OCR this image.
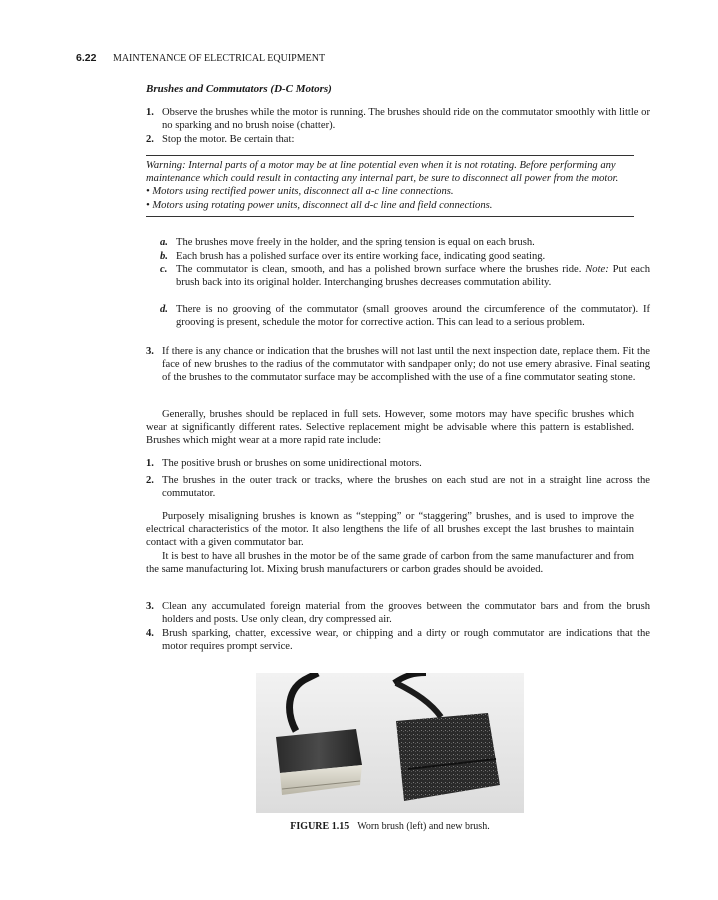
6.22 MAINTENANCE OF ELECTRICAL EQUIPMENT
Brushes and Commutators (D-C Motors)
1. Observe the brushes while the motor is running. The brushes should ride on the commutator smoothly with little or no sparking and no brush noise (chatter).
2. Stop the motor. Be certain that:

Warning: Internal parts of a motor may be at line potential even when it is not rotating. Before performing any maintenance which could result in contacting any internal part, be sure to disconnect all power from the motor.

• Motors using rectified power units, disconnect all a-c line connections.

• Motors using rotating power units, disconnect all d-c line and field connections.

a. The brushes move freely in the holder, and the spring tension is equal on each brush.
b. Each brush has a polished surface over its entire working face, indicating good seating.
c. The commutator is clean, smooth, and has a polished brown surface where the brushes ride. Note: Put each brush back into its original holder. Interchanging brushes decreases commutation ability.
d. There is no grooving of the commutator (small grooves around the circumference of the commutator). If grooving is present, schedule the motor for corrective action. This can lead to a serious problem.
3. If there is any chance or indication that the brushes will not last until the next inspection date, replace them. Fit the face of new brushes to the radius of the commutator with sandpaper only; do not use emery abrasive. Final seating of the brushes to the commutator surface may be accomplished with the use of a fine commutator seating stone.
Generally, brushes should be replaced in full sets. However, some motors may have specific brushes which wear at significantly different rates. Selective replacement might be advisable where this pattern is established. Brushes which might wear at a more rapid rate include:
1. The positive brush or brushes on some unidirectional motors.
2. The brushes in the outer track or tracks, where the brushes on each stud are not in a straight line across the commutator.
Purposely misaligning brushes is known as “stepping” or “staggering” brushes, and is used to improve the electrical characteristics of the motor. It also lengthens the life of all brushes except the last brushes to maintain contact with a given commutator bar.
It is best to have all brushes in the motor be of the same grade of carbon from the same manufacturer and from the same manufacturing lot. Mixing brush manufacturers or carbon grades should be avoided.
3. Clean any accumulated foreign material from the grooves between the commutator bars and from the brush holders and posts. Use only clean, dry compressed air.
4. Brush sparking, chatter, excessive wear, or chipping and a dirty or rough commutator are indications that the motor requires prompt service.
FIGURE 1.15 Worn brush (left) and new brush.
